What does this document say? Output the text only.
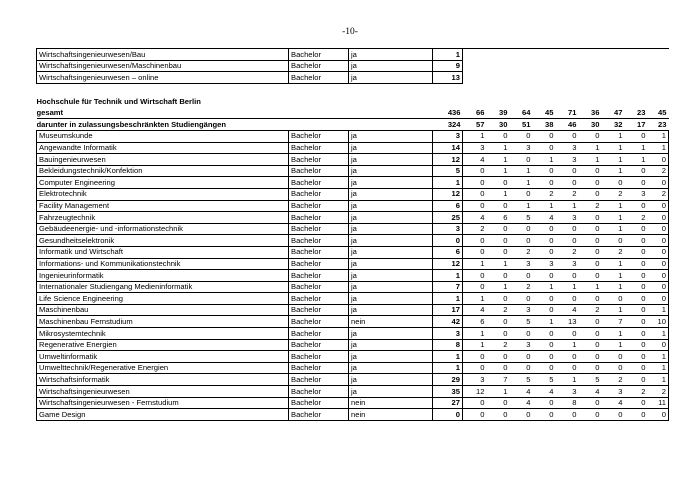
-10-
Wirtschaftsingenieurwesen/Bau	Bachelor	ja	1									
Wirtschaftsingenieurwesen/Maschinenbau	Bachelor	ja	9									
Wirtschaftsingenieurwesen – online	Bachelor	ja	13									

Hochschule für Technik und Wirtschaft Berlin												
gesamt			436	66	39	64	45	71	36	47	23	45
darunter in zulassungsbeschränkten Studiengängen			324	57	30	51	38	46	30	32	17	23
Museumskunde	Bachelor	ja	3	1	0	0	0	0	0	1	0	1
Angewandte Informatik	Bachelor	ja	14	3	1	3	0	3	1	1	1	1
Bauingenieurwesen	Bachelor	ja	12	4	1	0	1	3	1	1	1	0
Bekleidungstechnik/Konfektion	Bachelor	ja	5	0	1	1	0	0	0	1	0	2
Computer Engineering	Bachelor	ja	1	0	0	1	0	0	0	0	0	0
Elektrotechnik	Bachelor	ja	12	0	1	0	2	2	0	2	3	2
Facility Management	Bachelor	ja	6	0	0	1	1	1	2	1	0	0
Fahrzeugtechnik	Bachelor	ja	25	4	6	5	4	3	0	1	2	0
Gebäudeenergie- und -informationstechnik	Bachelor	ja	3	2	0	0	0	0	0	1	0	0
Gesundheitselektronik	Bachelor	ja	0	0	0	0	0	0	0	0	0	0
Informatik und Wirtschaft	Bachelor	ja	6	0	0	2	0	2	0	2	0	0
Informations- und Kommunikationstechnik	Bachelor	ja	12	1	1	3	3	3	0	1	0	0
Ingenieurinformatik	Bachelor	ja	1	0	0	0	0	0	0	1	0	0
Internationaler Studiengang Medieninformatik	Bachelor	ja	7	0	1	2	1	1	1	1	0	0
Life Science Engineering	Bachelor	ja	1	1	0	0	0	0	0	0	0	0
Maschinenbau	Bachelor	ja	17	4	2	3	0	4	2	1	0	1
Maschinenbau Fernstudium	Bachelor	nein	42	6	0	5	1	13	0	7	0	10
Mikrosystemtechnik	Bachelor	ja	3	1	0	0	0	0	0	1	0	1
Regenerative Energien	Bachelor	ja	8	1	2	3	0	1	0	1	0	0
Umweltinformatik	Bachelor	ja	1	0	0	0	0	0	0	0	0	1
Umwelttechnik/Regenerative Energien	Bachelor	ja	1	0	0	0	0	0	0	0	0	1
Wirtschaftsinformatik	Bachelor	ja	29	3	7	5	5	1	5	2	0	1
Wirtschaftsingenieurwesen	Bachelor	ja	35	12	1	4	4	3	4	3	2	2
Wirtschaftsingenieurwesen - Fernstudium	Bachelor	nein	27	0	0	4	0	8	0	4	0	11
Game Design	Bachelor	nein	0	0	0	0	0	0	0	0	0	0
